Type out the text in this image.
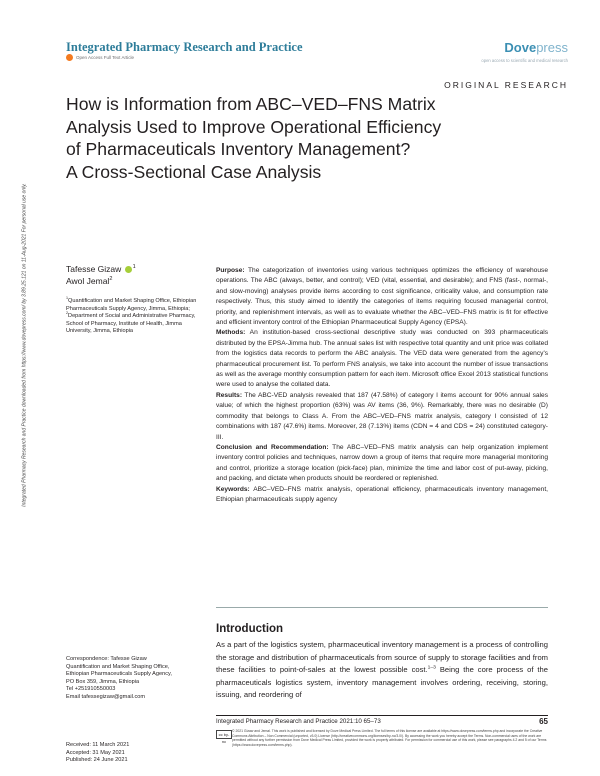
Integrated Pharmacy Research and Practice	Dovepress
open access to scientific and medical research
Open Access Full Text Article
ORIGINAL RESEARCH
How is Information from ABC–VED–FNS Matrix
Analysis Used to Improve Operational Efficiency
of Pharmaceuticals Inventory Management?
A Cross-Sectional Case Analysis
Integrated Pharmacy Research and Practice downloaded from https://www.dovepress.com/ by 3.89.25.121 on 11-Aug-2021 For personal use only.	Tafesse Gizaw $^1$
Awol Jemal$^2$
$^1$Quantification and Market Shaping Office, Ethiopian Pharmaceuticals Supply Agency, Jimma, Ethiopia; $^2$Department of Social and Administrative Pharmacy, School of Pharmacy, Institute of Health, Jimma University, Jimma, Ethiopia
Purpose: The categorization of inventories using various techniques optimizes the efficiency of warehouse operations. The ABC (always, better, and control); VED (vital, essential, and desirable); and FNS (fast-, normal-, and slow-moving) analyses provide items according to cost significance, criticality value, and consumption rate respectively. Thus, this study aimed to identify the categories of items requiring focused managerial control, priority, and replenishment intervals, as well as to evaluate whether the ABC–VED–FNS matrix is fit for effective and efficient inventory control of the Ethiopian Pharmaceutical Supply Agency (EPSA).
Methods: An institution-based cross-sectional descriptive study was conducted on 393 pharmaceuticals distributed by the EPSA-Jimma hub. The annual sales list with respective total quantity and unit price was collated from the logistics data records to perform the ABC analysis. The VED data were generated from the agency's pharmaceutical procurement list. To perform FNS analysis, we take into account the number of issue transactions as well as the average monthly consumption pattern for each item. Microsoft office Excel 2013 statistical functions were used to analyse the collated data.
Results: The ABC-VED analysis revealed that 187 (47.58%) of category I items account for 90% annual sales value; of which the highest proportion (63%) was AV items (36, 9%). Remarkably, there was no desirable (D) commodity that belongs to Class A. From the ABC–VED–FNS matrix analysis, category I consisted of 12 combinations with 187 (47.6%) items. Moreover, 28 (7.13%) items (CDN = 4 and CDS = 24) constituted category-III.
Conclusion and Recommendation: The ABC–VED–FNS matrix analysis can help organization implement inventory control policies and techniques, narrow down a group of items that require more managerial monitoring and control, prioritize a storage location (pick-face) plan, minimize the time and labor cost of put-away, picking, and packing, and dictate when products should be reordered or replenished.
Keywords: ABC–VED–FNS matrix analysis, operational efficiency, pharmaceuticals inventory management, Ethiopian pharmaceuticals supply agency
Correspondence: Tafesse Gizaw
Quantification and Market Shaping Office,
Ethiopian Pharmaceuticals Supply Agency,
PO Box 359, Jimma, Ethiopia
Tel +251910550003
Email tafessegizaw@gmail.com
Introduction
As a part of the logistics system, pharmaceutical inventory management is a process of controlling the storage and distribution of pharmaceuticals from source of supply to storage facilities and from these facilities to point-of-sales at the lowest possible cost.$^{1-3}$ Being the core process of the pharmaceuticals logistics system, inventory management involves ordering, receiving, storing, issuing, and reordering of
Integrated Pharmacy Research and Practice 2021:10 65–73	65
cc by-nc
© 2021 Gizaw and Jemal. This work is published and licensed by Dove Medical Press Limited. The full terms of this license are available at https://www.dovepress.com/terms.php and incorporate the Creative Commons Attribution – Non Commercial (unported, v3.0) License (http://creativecommons.org/licenses/by-nc/3.0/). By accessing the work you hereby accept the Terms. Non-commercial uses of the work are permitted without any further permission from Dove Medical Press Limited, provided the work is properly attributed. For permission for commercial use of this work, please see paragraphs 4.2 and 5 of our Terms (https://www.dovepress.com/terms.php).
Received: 11 March 2021
Accepted: 31 May 2021
Published: 24 June 2021
